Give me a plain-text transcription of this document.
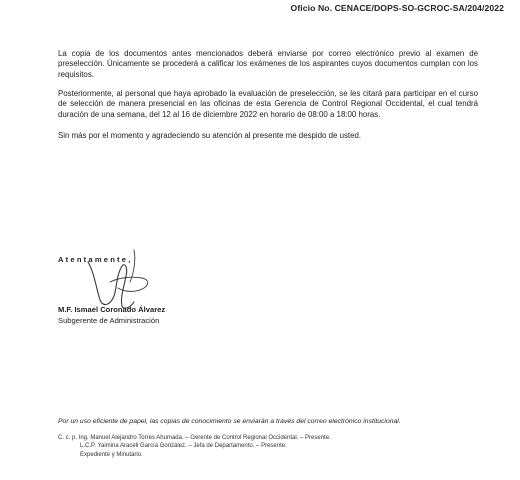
Oficio No. CENACE/DOPS-SO-GCROC-SA/204/2022

La copia de los documentos antes mencionados deberá enviarse por correo electrónico previo al examen de preselección. Únicamente se procederá a calificar los exámenes de los aspirantes cuyos documentos cumplan con los requisitos.

Posteriormente, al personal que haya aprobado la evaluación de preselección, se les citará para participar en el curso de selección de manera presencial en las oficinas de esta Gerencia de Control Regional Occidental, el cual tendrá duración de una semana, del 12 al 16 de diciembre 2022 en horario de 08:00 a 18:00 horas.

Sin más por el momento y agradeciendo su atención al presente me despido de usted.

Atentamente,
M.F. Ismael Coronado Álvarez
Subgerente de Administración
Por un uso eficiente de papel, las copias de conocimiento se enviarán a través del correo electrónico institucional.
C. c. p. Ing. Manuel Alejandro Torres Ahumada. – Gerente de Control Regional Occidental. – Presente.
L.C.P. Yaimina Araceli García González. – Jefa de Departamento. – Presente.
Expediente y Minutario.
